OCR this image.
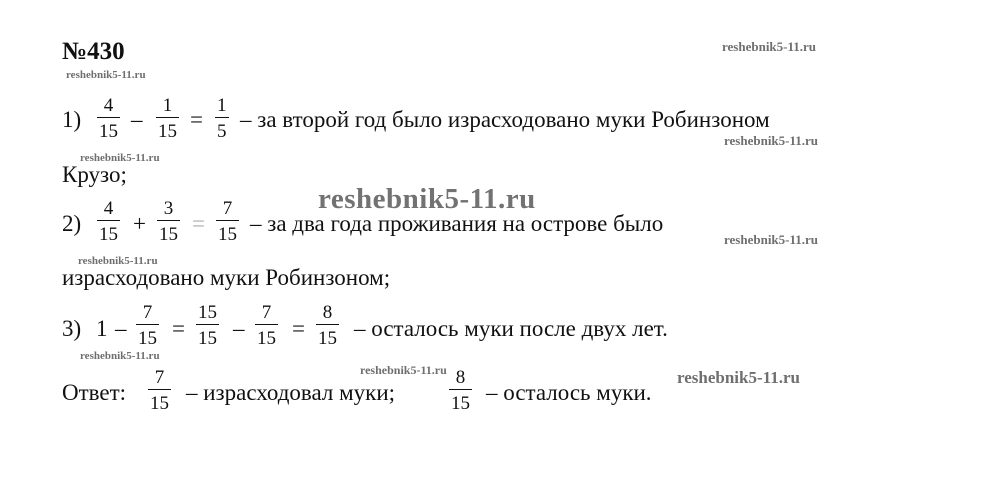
№430	reshebnik5-11.ru
reshebnik5-11.ru
reshebnik5-11.ru
reshebnik5-11.ru
reshebnik5-11.ru
reshebnik5-11.ru
reshebnik5-11.ru
reshebnik5-11.ru	reshebnik5-11.ru
reshebnik5-11.ru
1)
4
15 –
1
15 =
1
5 – за второй год было израсходовано муки Робинзоном
Крузо;
2)
4
15 +
3
15 =
7
15 – за два года проживания на острове было
израсходовано муки Робинзоном;
3) 1 –
7
15 =
15
15 –
7
15 =
8
15 – осталось муки после двух лет.
Ответ:
7
15 – израсходовал муки;
8
15 – осталось муки.
